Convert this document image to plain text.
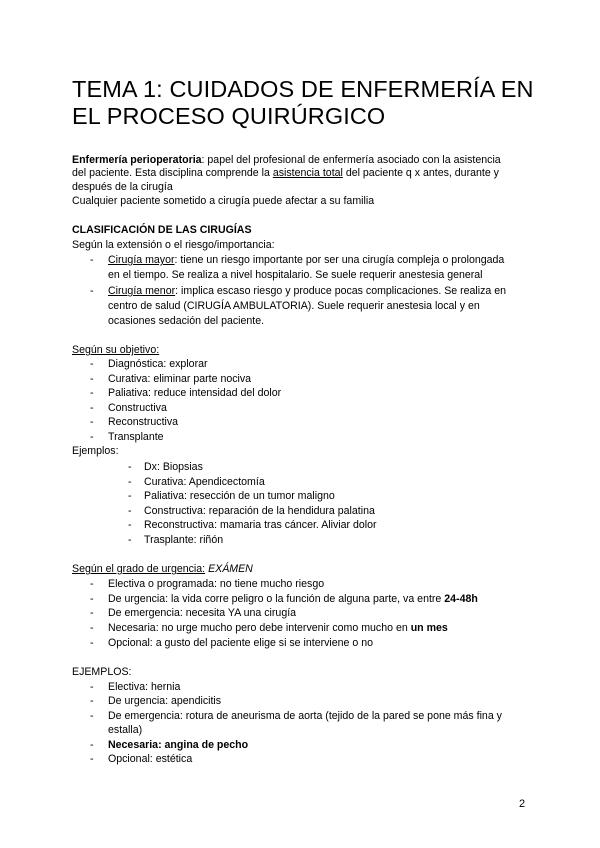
TEMA 1: CUIDADOS DE ENFERMERÍA EN EL PROCESO QUIRÚRGICO

Enfermería perioperatoria: papel del profesional de enfermería asociado con la asistencia

del paciente. Esta disciplina comprende la asistencia total del paciente q x antes, durante y

después de la cirugía

Cualquier paciente sometido a cirugía puede afectar a su familia

CLASIFICACIÓN DE LAS CIRUGÍAS

Según la extensión o el riesgo/importancia:

- Cirugía mayor: tiene un riesgo importante por ser una cirugía compleja o prolongada

en el tiempo. Se realiza a nivel hospitalario. Se suele requerir anestesia general

- Cirugía menor: implica escaso riesgo y produce pocas complicaciones. Se realiza en

centro de salud (CIRUGÍA AMBULATORIA). Suele requerir anestesia local y en

ocasiones sedación del paciente.

Según su objetivo:

- Diagnóstica: explorar

- Curativa: eliminar parte nociva

- Paliativa: reduce intensidad del dolor

- Constructiva

- Reconstructiva

- Transplante

Ejemplos:

- Dx: Biopsias

- Curativa: Apendicectomía

- Paliativa: resección de un tumor maligno

- Constructiva: reparación de la hendidura palatina

- Reconstructiva: mamaria tras cáncer. Aliviar dolor

- Trasplante: riñón

Según el grado de urgencia: EXÁMEN

- Electiva o programada: no tiene mucho riesgo

- De urgencia: la vida corre peligro o la función de alguna parte, va entre 24-48h

- De emergencia: necesita YA una cirugía

- Necesaria: no urge mucho pero debe intervenir como mucho en un mes

- Opcional: a gusto del paciente elige si se interviene o no

EJEMPLOS:

- Electiva: hernia

- De urgencia: apendicitis

- De emergencia: rotura de aneurisma de aorta (tejido de la pared se pone más fina y

estalla)

- Necesaria: angina de pecho

- Opcional: estética

2
